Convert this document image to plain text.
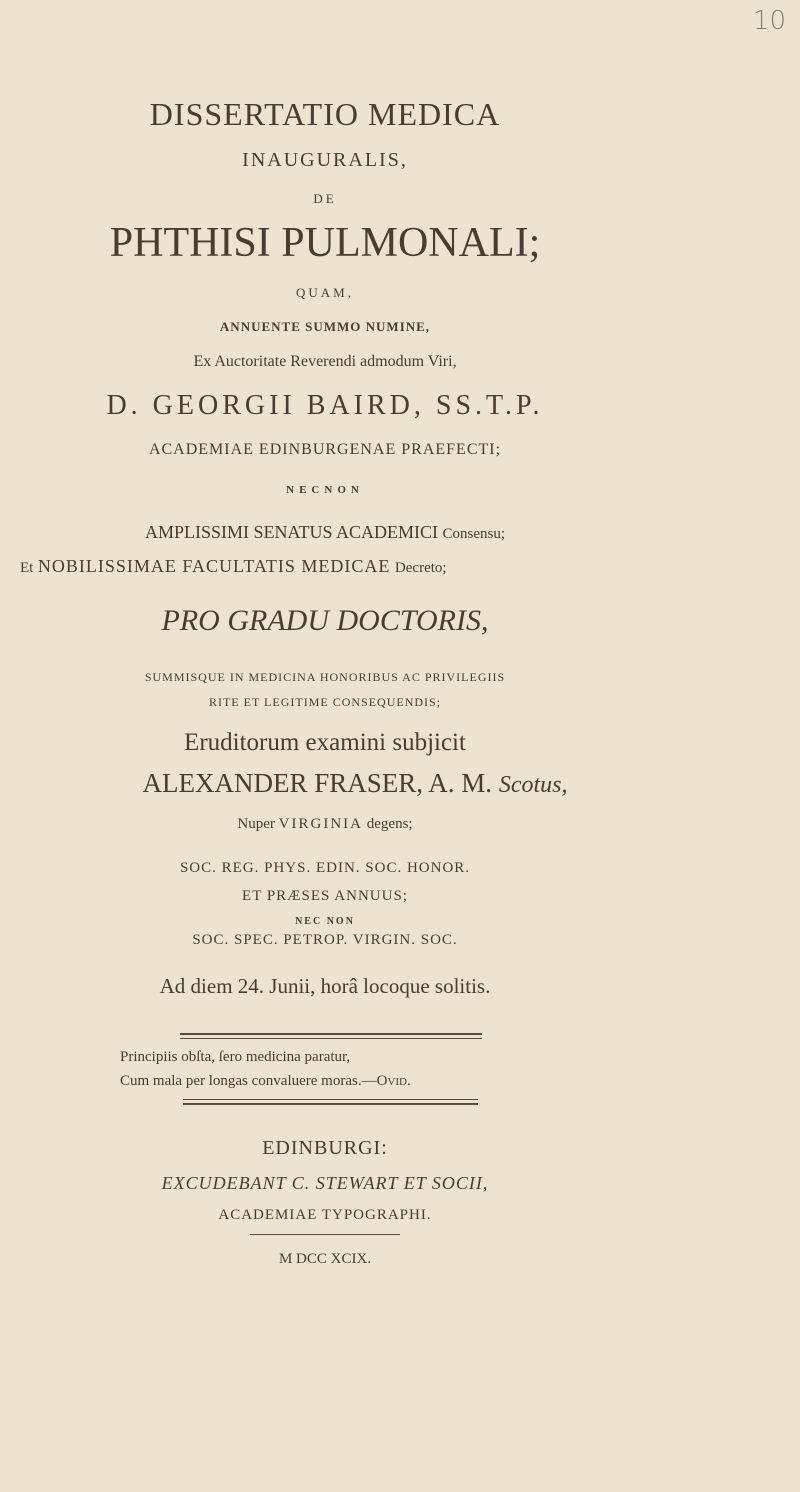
10
DISSERTATIO MEDICA
INAUGURALIS,
DE
PHTHISI PULMONALI;
QUAM,
ANNUENTE SUMMO NUMINE,
Ex Auctoritate Reverendi admodum Viri,
D. GEORGII BAIRD, SS.T.P.
ACADEMIAE EDINBURGENAE PRAEFECTI;
NECNON
AMPLISSIMI SENATUS ACADEMICI Consensu;
Et NOBILISSIMAE FACULTATIS MEDICAE Decreto;
PRO GRADU DOCTORIS,
SUMMISQUE IN MEDICINA HONORIBUS AC PRIVILEGIIS
RITE ET LEGITIME CONSEQUENDIS;
Eruditorum examini subjicit
ALEXANDER FRASER, A. M. Scotus,
Nuper VIRGINIA degens;
SOC. REG. PHYS. EDIN. SOC. HONOR.
ET PRÆSES ANNUUS;
NEC NON
SOC. SPEC. PETROP. VIRGIN. SOC.
Ad diem 24. Junii, horâ locoque solitis.
Principiis obſta, ſero medicina paratur,
Cum mala per longas convaluere moras.—Ovid.
EDINBURGI:
EXCUDEBANT C. STEWART ET SOCII,
ACADEMIAE TYPOGRAPHI.
M DCC XCIX.
